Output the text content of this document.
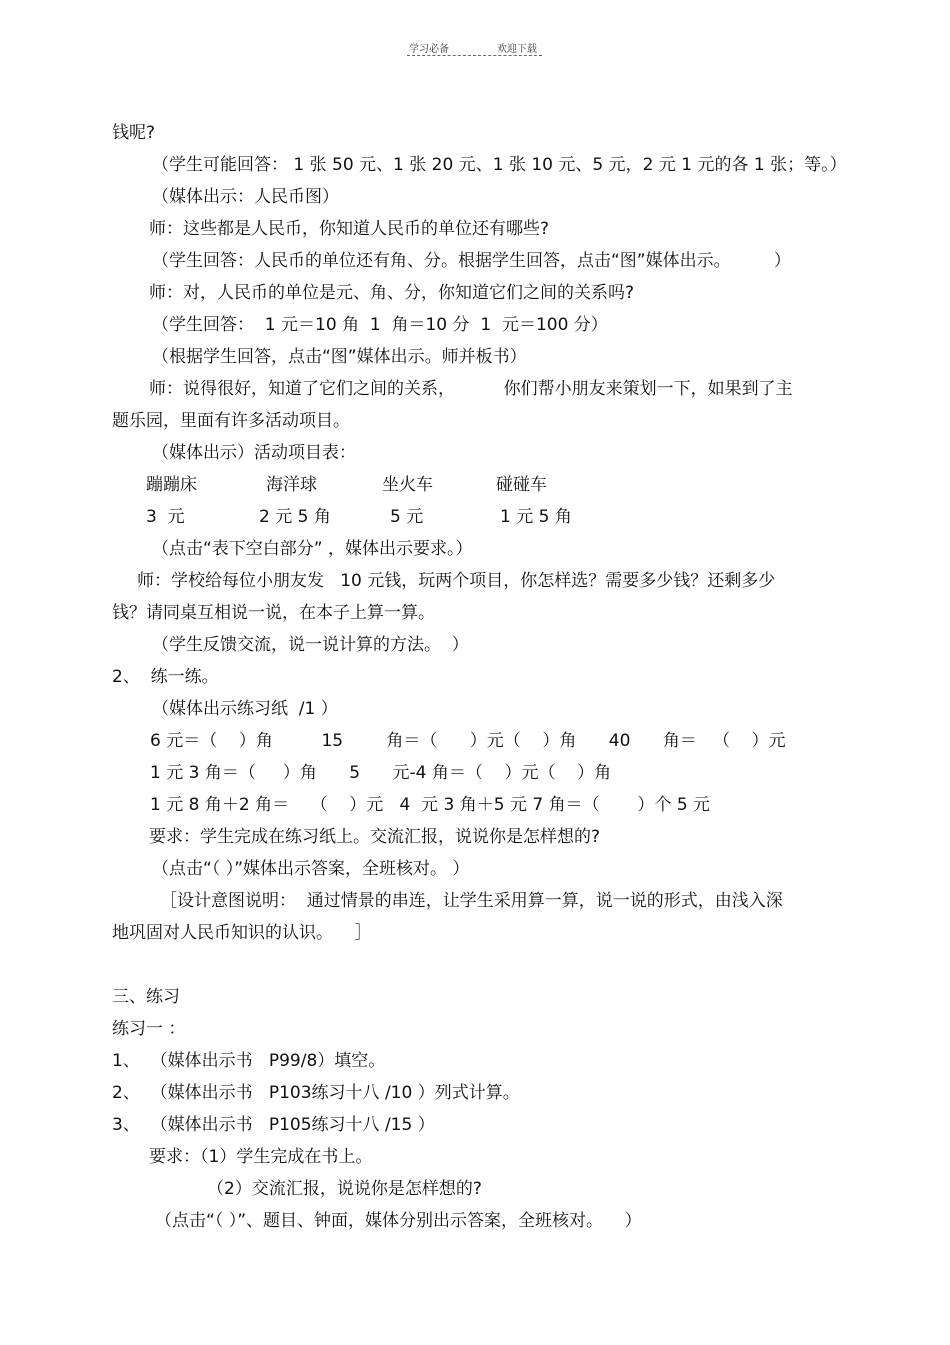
学习必备	欢迎下载
钱呢?
（学生可能回答： 1 张 50 元、1 张 20 元、1 张 10 元、5 元，2 元 1 元的各 1 张；等。）
（媒体出示：人民币图）
师：这些都是人民币，你知道人民币的单位还有哪些?
（学生回答：人民币的单位还有角、分。根据学生回答，点击“图”媒体出示。        ）
师：对，人民币的单位是元、角、分，你知道它们之间的关系吗?
（学生回答：  1 元＝10 角  1  角＝10 分  1  元＝100 分）
（根据学生回答，点击“图”媒体出示。师并板书）
师：说得很好，知道了它们之间的关系，         你们帮小朋友来策划一下，如果到了主
题乐园，里面有许多活动项目。
（媒体出示）活动项目表：
蹦蹦床	海洋球	坐火车	碰碰车
3  元	2 元 5 角	5 元	1 元 5 角
（点击“表下空白部分” ，媒体出示要求。）
师：学校给每位小朋友发   10 元钱，玩两个项目，你怎样选？需要多少钱？还剩多少
钱？请同桌互相说一说，在本子上算一算。
（学生反馈交流，说一说计算的方法。  ）
2、  练一练。
（媒体出示练习纸  /1 ）
6 元＝（    ）角         15        角＝（      ）元（    ）角      40      角＝   （    ）元
1 元 3 角＝（     ）角      5      元-4 角＝（    ）元（    ）角
1 元 8 角＋2 角＝    （    ）元   4  元 3 角＋5 元 7 角＝（       ）个 5 元
要求：学生完成在练习纸上。交流汇报，说说你是怎样想的?
（点击“（ ）”媒体出示答案，全班核对。 ）
［设计意图说明：  通过情景的串连，让学生采用算一算，说一说的形式，由浅入深
地巩固对人民币知识的认识。    ］
三、练习
练习一 ：
1、  （媒体出示书   P99/8）填空。
2、  （媒体出示书   P103练习十八 /10 ）列式计算。
3、  （媒体出示书   P105练习十八 /15 ）
要求：（1）学生完成在书上。
（2）交流汇报，说说你是怎样想的?
（点击“（ ）”、题目、钟面，媒体分别出示答案，全班核对。    ）
